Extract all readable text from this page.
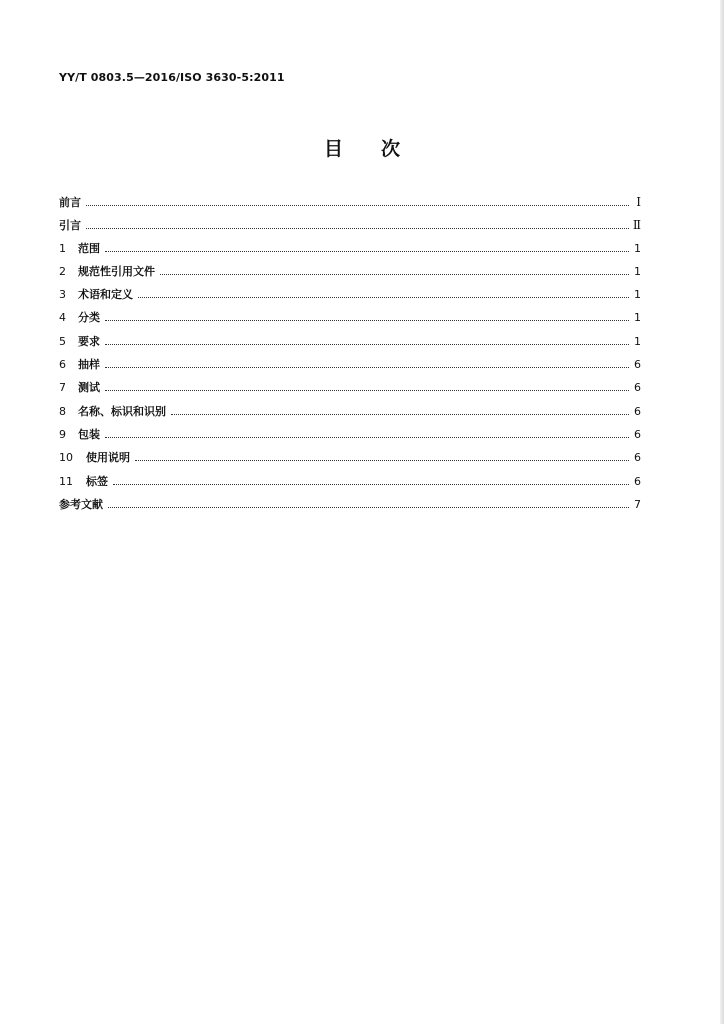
YY/T 0803.5—2016/ISO 3630-5:2011
目次
前言	Ⅰ
引言	Ⅱ
1	范围	1
2	规范性引用文件	1
3	术语和定义	1
4	分类	1
5	要求	1
6	抽样	6
7	测试	6
8	名称、标识和识别	6
9	包装	6
10	使用说明	6
11	标签	6
参考文献	7
